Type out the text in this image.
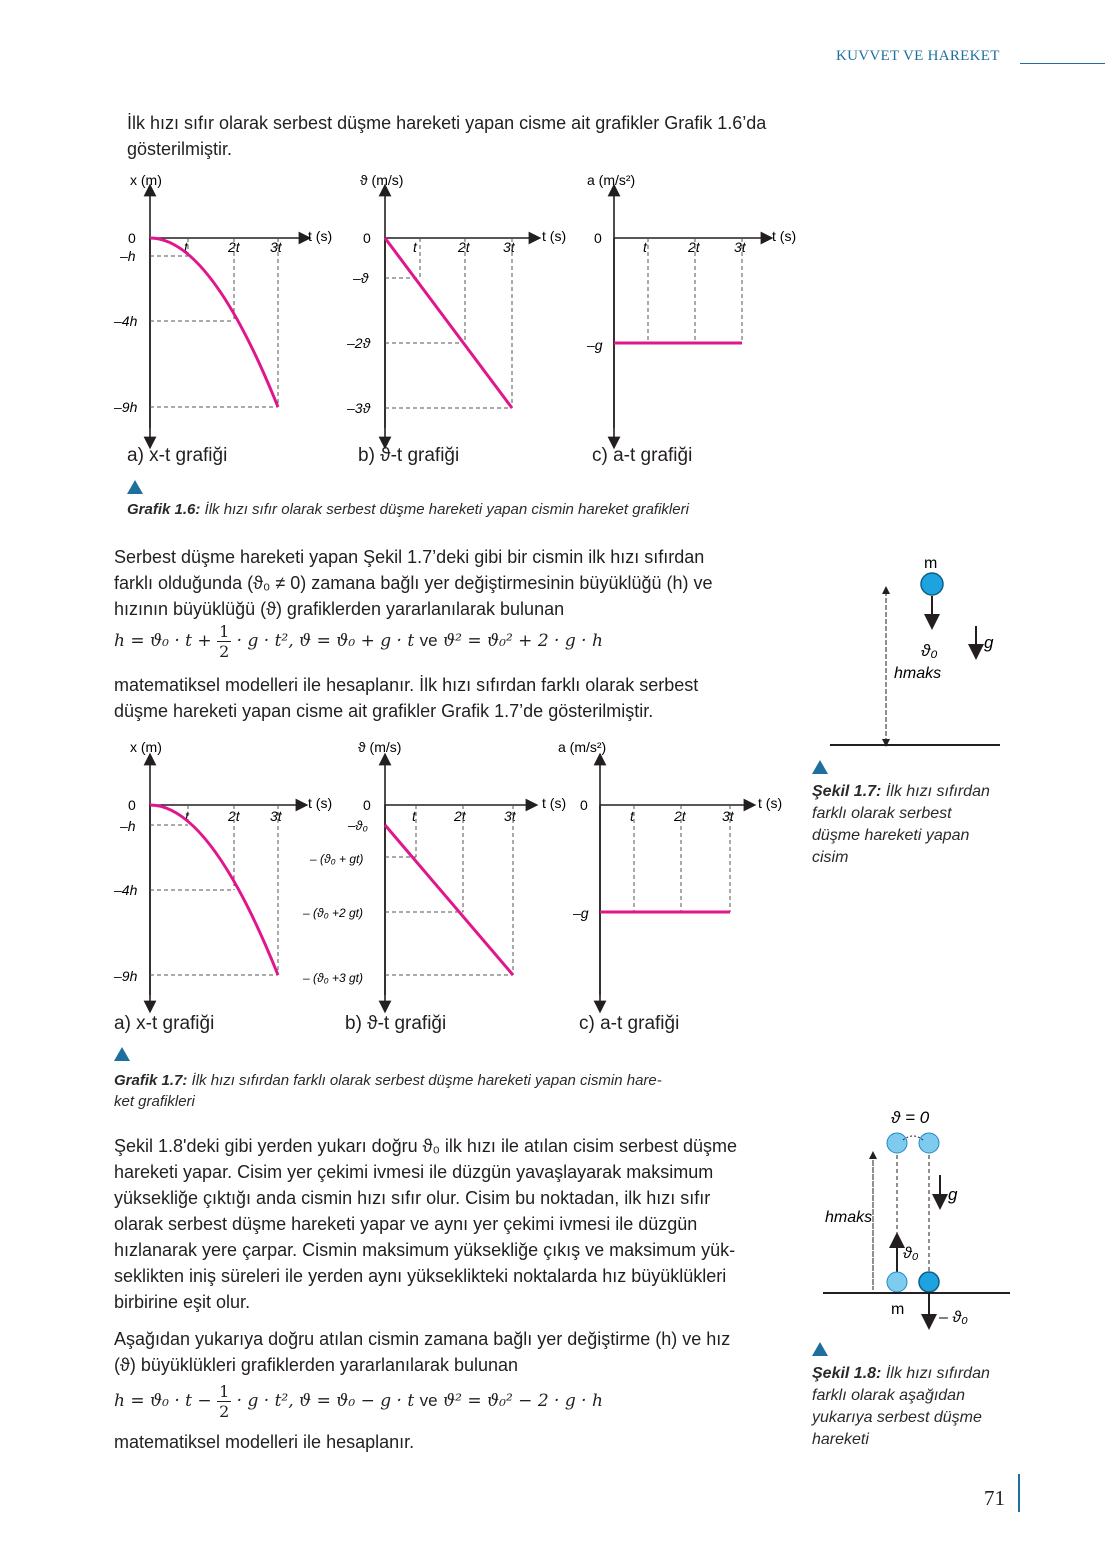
KUVVET VE HAREKET
İlk hızı sıfır olarak serbest düşme hareketi yapan cisme ait grafikler Grafik 1.6’da
gösterilmiştir.
x (m)
t (s)
0
–h
–4h
–9h
t	2t 3t
ϑ (m/s)
t (s)
0
–ϑ
–2ϑ
–3ϑ
t	2t 3t
a (m/s²)
t (s)
0
–g
t	2t 3t
a) x-t grafiği	b) ϑ-t grafiği	c) a-t grafiği
Grafik 1.6: İlk hızı sıfır olarak serbest düşme hareketi yapan cismin hareket grafikleri
Serbest düşme hareketi yapan Şekil 1.7’deki gibi bir cismin ilk hızı sıfırdan
farklı olduğunda (ϑ₀ ≠ 0) zamana bağlı yer değiştirmesinin büyüklüğü (h) ve
hızının büyüklüğü (ϑ) grafiklerden yararlanılarak bulunan
$h = ϑ_0 \cdot t + \frac{1}{2} \cdot g \cdot t^2$, ϑ = ϑ₀ + g · t ve ϑ² = ϑ₀² + 2 · g · h
matematiksel modelleri ile hesaplanır. İlk hızı sıfırdan farklı olarak serbest
düşme hareketi yapan cisme ait grafikler Grafik 1.7’de gösterilmiştir.
m
ϑ₀	g
hmaks
Şekil 1.7: İlk hızı sıfırdan
farklı olarak serbest
düşme hareketi yapan
cisim
x (m)
t (s)
0
–h
–4h
–9h
t	2t 3t
ϑ (m/s)
t (s)
0
–ϑ₀
– (ϑ₀ + gt)
– (ϑ₀ +2 gt)
– (ϑ₀ +3 gt)
t	2t	3t
a (m/s²)
t (s)
0
–g
t	2t	3t
a) x-t grafiği	b) ϑ-t grafiği	c) a-t grafiği
Grafik 1.7: İlk hızı sıfırdan farklı olarak serbest düşme hareketi yapan cismin hare-
ket grafikleri
Şekil 1.8'deki gibi yerden yukarı doğru ϑ₀ ilk hızı ile atılan cisim serbest düşme
hareketi yapar. Cisim yer çekimi ivmesi ile düzgün yavaşlayarak maksimum
yüksekliğe çıktığı anda cismin hızı sıfır olur. Cisim bu noktadan, ilk hızı sıfır
olarak serbest düşme hareketi yapar ve aynı yer çekimi ivmesi ile düzgün
hızlanarak yere çarpar. Cismin maksimum yüksekliğe çıkış ve maksimum yük-
seklikten iniş süreleri ile yerden aynı yükseklikteki noktalarda hız büyüklükleri
birbirine eşit olur.
Aşağıdan yukarıya doğru atılan cismin zamana bağlı yer değiştirme (h) ve hız
(ϑ) büyüklükleri grafiklerden yararlanılarak bulunan
$h = ϑ_0 \cdot t - \frac{1}{2} \cdot g \cdot t^2$, ϑ = ϑ₀ − g · t ve ϑ² = ϑ₀² − 2 · g · h
matematiksel modelleri ile hesaplanır.
ϑ = 0
hmaks
g
ϑ₀
m – ϑ₀
Şekil 1.8: İlk hızı sıfırdan
farklı olarak aşağıdan
yukarıya serbest düşme
hareketi
71
